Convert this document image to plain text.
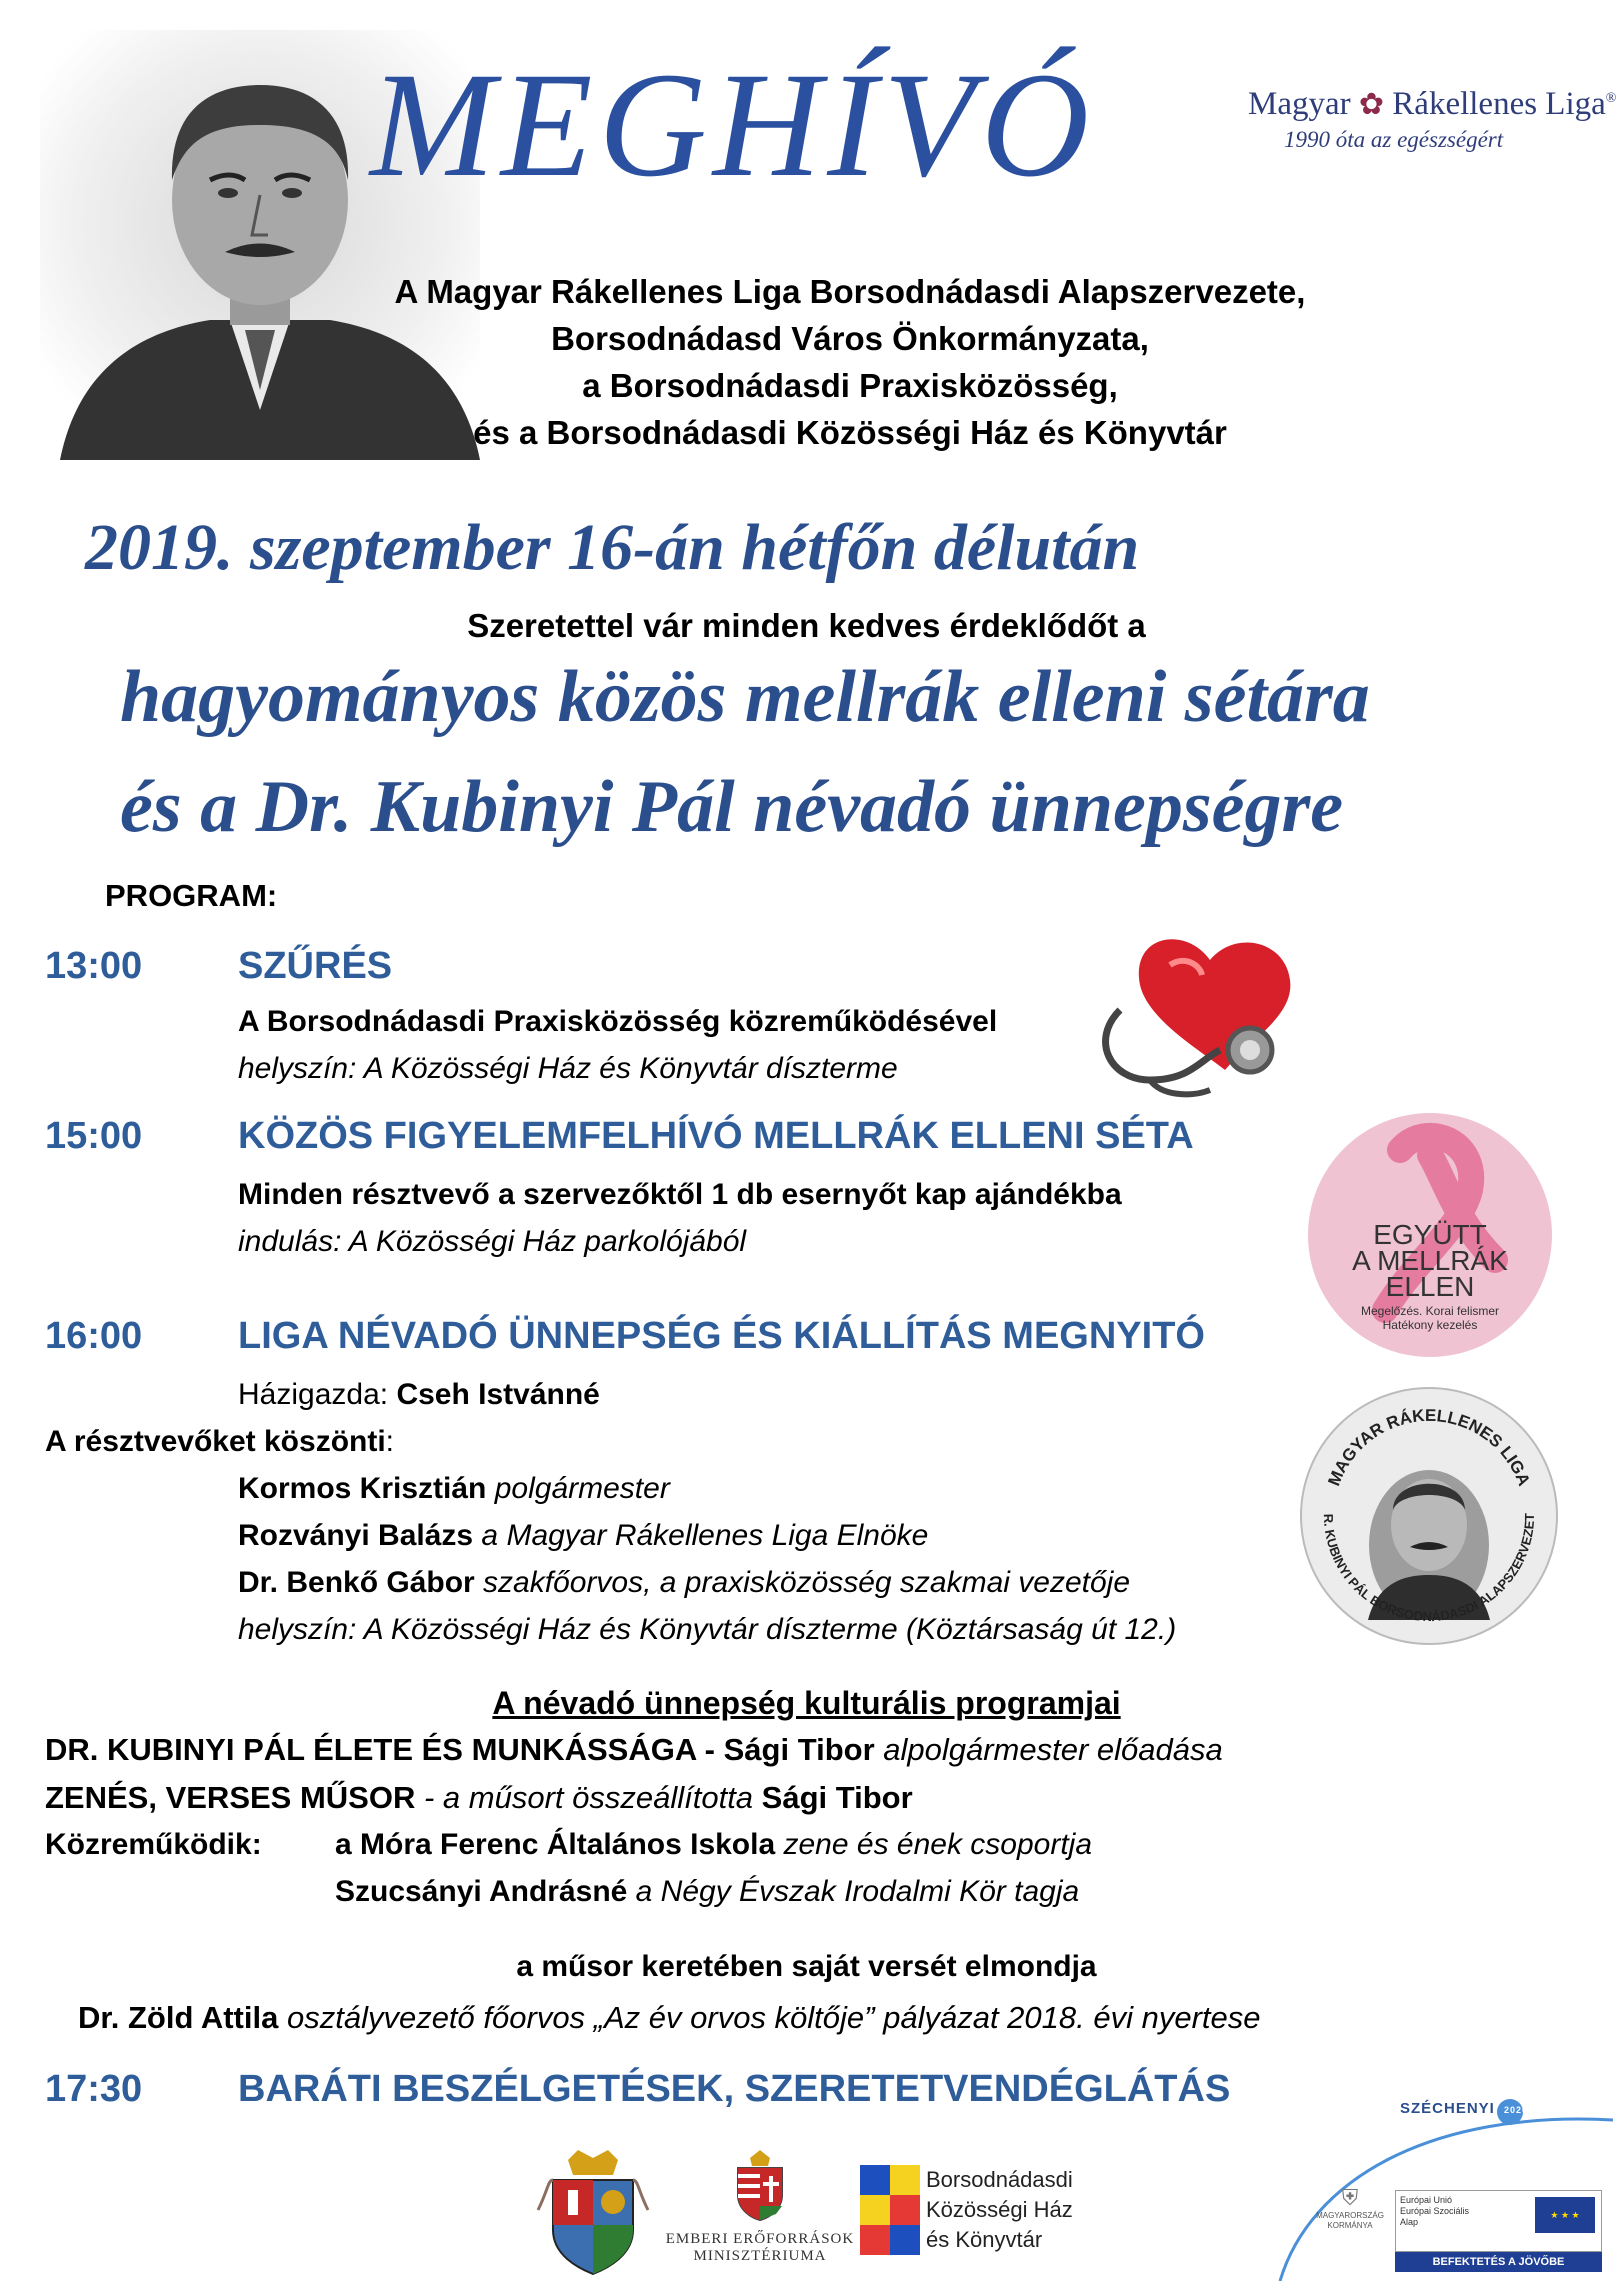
MEGHÍVÓ	Magyar ✿ Rákellenes Liga®
1990 óta az egészségért
A Magyar Rákellenes Liga Borsodnádasdi Alapszervezete,
Borsodnádasd Város Önkormányzata,
a Borsodnádasdi Praxisközösség,
és a Borsodnádasdi Közösségi Ház és Könyvtár
2019. szeptember 16-án hétfőn délután
Szeretettel vár minden kedves érdeklődőt a
hagyományos közös mellrák elleni sétára
és a Dr. Kubinyi Pál névadó ünnepségre
PROGRAM:
13:00	SZŰRÉS
A Borsodnádasdi Praxisközösség közreműködésével
helyszín: A Közösségi Ház és Könyvtár díszterme
15:00	KÖZÖS FIGYELEMFELHÍVÓ MELLRÁK ELLENI SÉTA
Minden résztvevő a szervezőktől 1 db esernyőt kap ajándékba
indulás: A Közösségi Ház parkolójából	EGYÜTT
A MELLRÁK
ELLEN
Megelőzés. Korai felismer
Hatékony kezelés
16:00	LIGA NÉVADÓ ÜNNEPSÉG ÉS KIÁLLÍTÁS MEGNYITÓ
Házigazda: Cseh Istvánné
A résztvevőket köszönti:
Kormos Krisztián polgármester
Rozványi Balázs a Magyar Rákellenes Liga Elnöke
Dr. Benkő Gábor szakfőorvos, a praxisközösség szakmai vezetője
helyszín: A Közösségi Ház és Könyvtár díszterme (Köztársaság út 12.)
MAGYAR RÁKELLENES LIGA
R. KUBINYI PÁL BORSODNÁDASDI ALAPSZERVEZET
A névadó ünnepség kulturális programjai
DR. KUBINYI PÁL ÉLETE ÉS MUNKÁSSÁGA - Sági Tibor alpolgármester előadása
ZENÉS, VERSES MŰSOR - a műsort összeállította Sági Tibor
Közreműködik: a Móra Ferenc Általános Iskola zene és ének csoportja
Szucsányi Andrásné a Négy Évszak Irodalmi Kör tagja
a műsor keretében saját versét elmondja
Dr. Zöld Attila osztályvezető főorvos „Az év orvos költője” pályázat 2018. évi nyertese
17:30	BARÁTI BESZÉLGETÉSEK, SZERETETVENDÉGLÁTÁS
EMBERI ERŐFORRÁSOK
MINISZTÉRIUMA
Borsodnádasdi
Közösségi Ház
és Könyvtár
SZÉCHENYI 2020
⛨
MAGYARORSZÁG KORMÁNYA
Európai Unió
Európai Szociális
Alap
★ ★ ★
BEFEKTETÉS A JÖVŐBE
